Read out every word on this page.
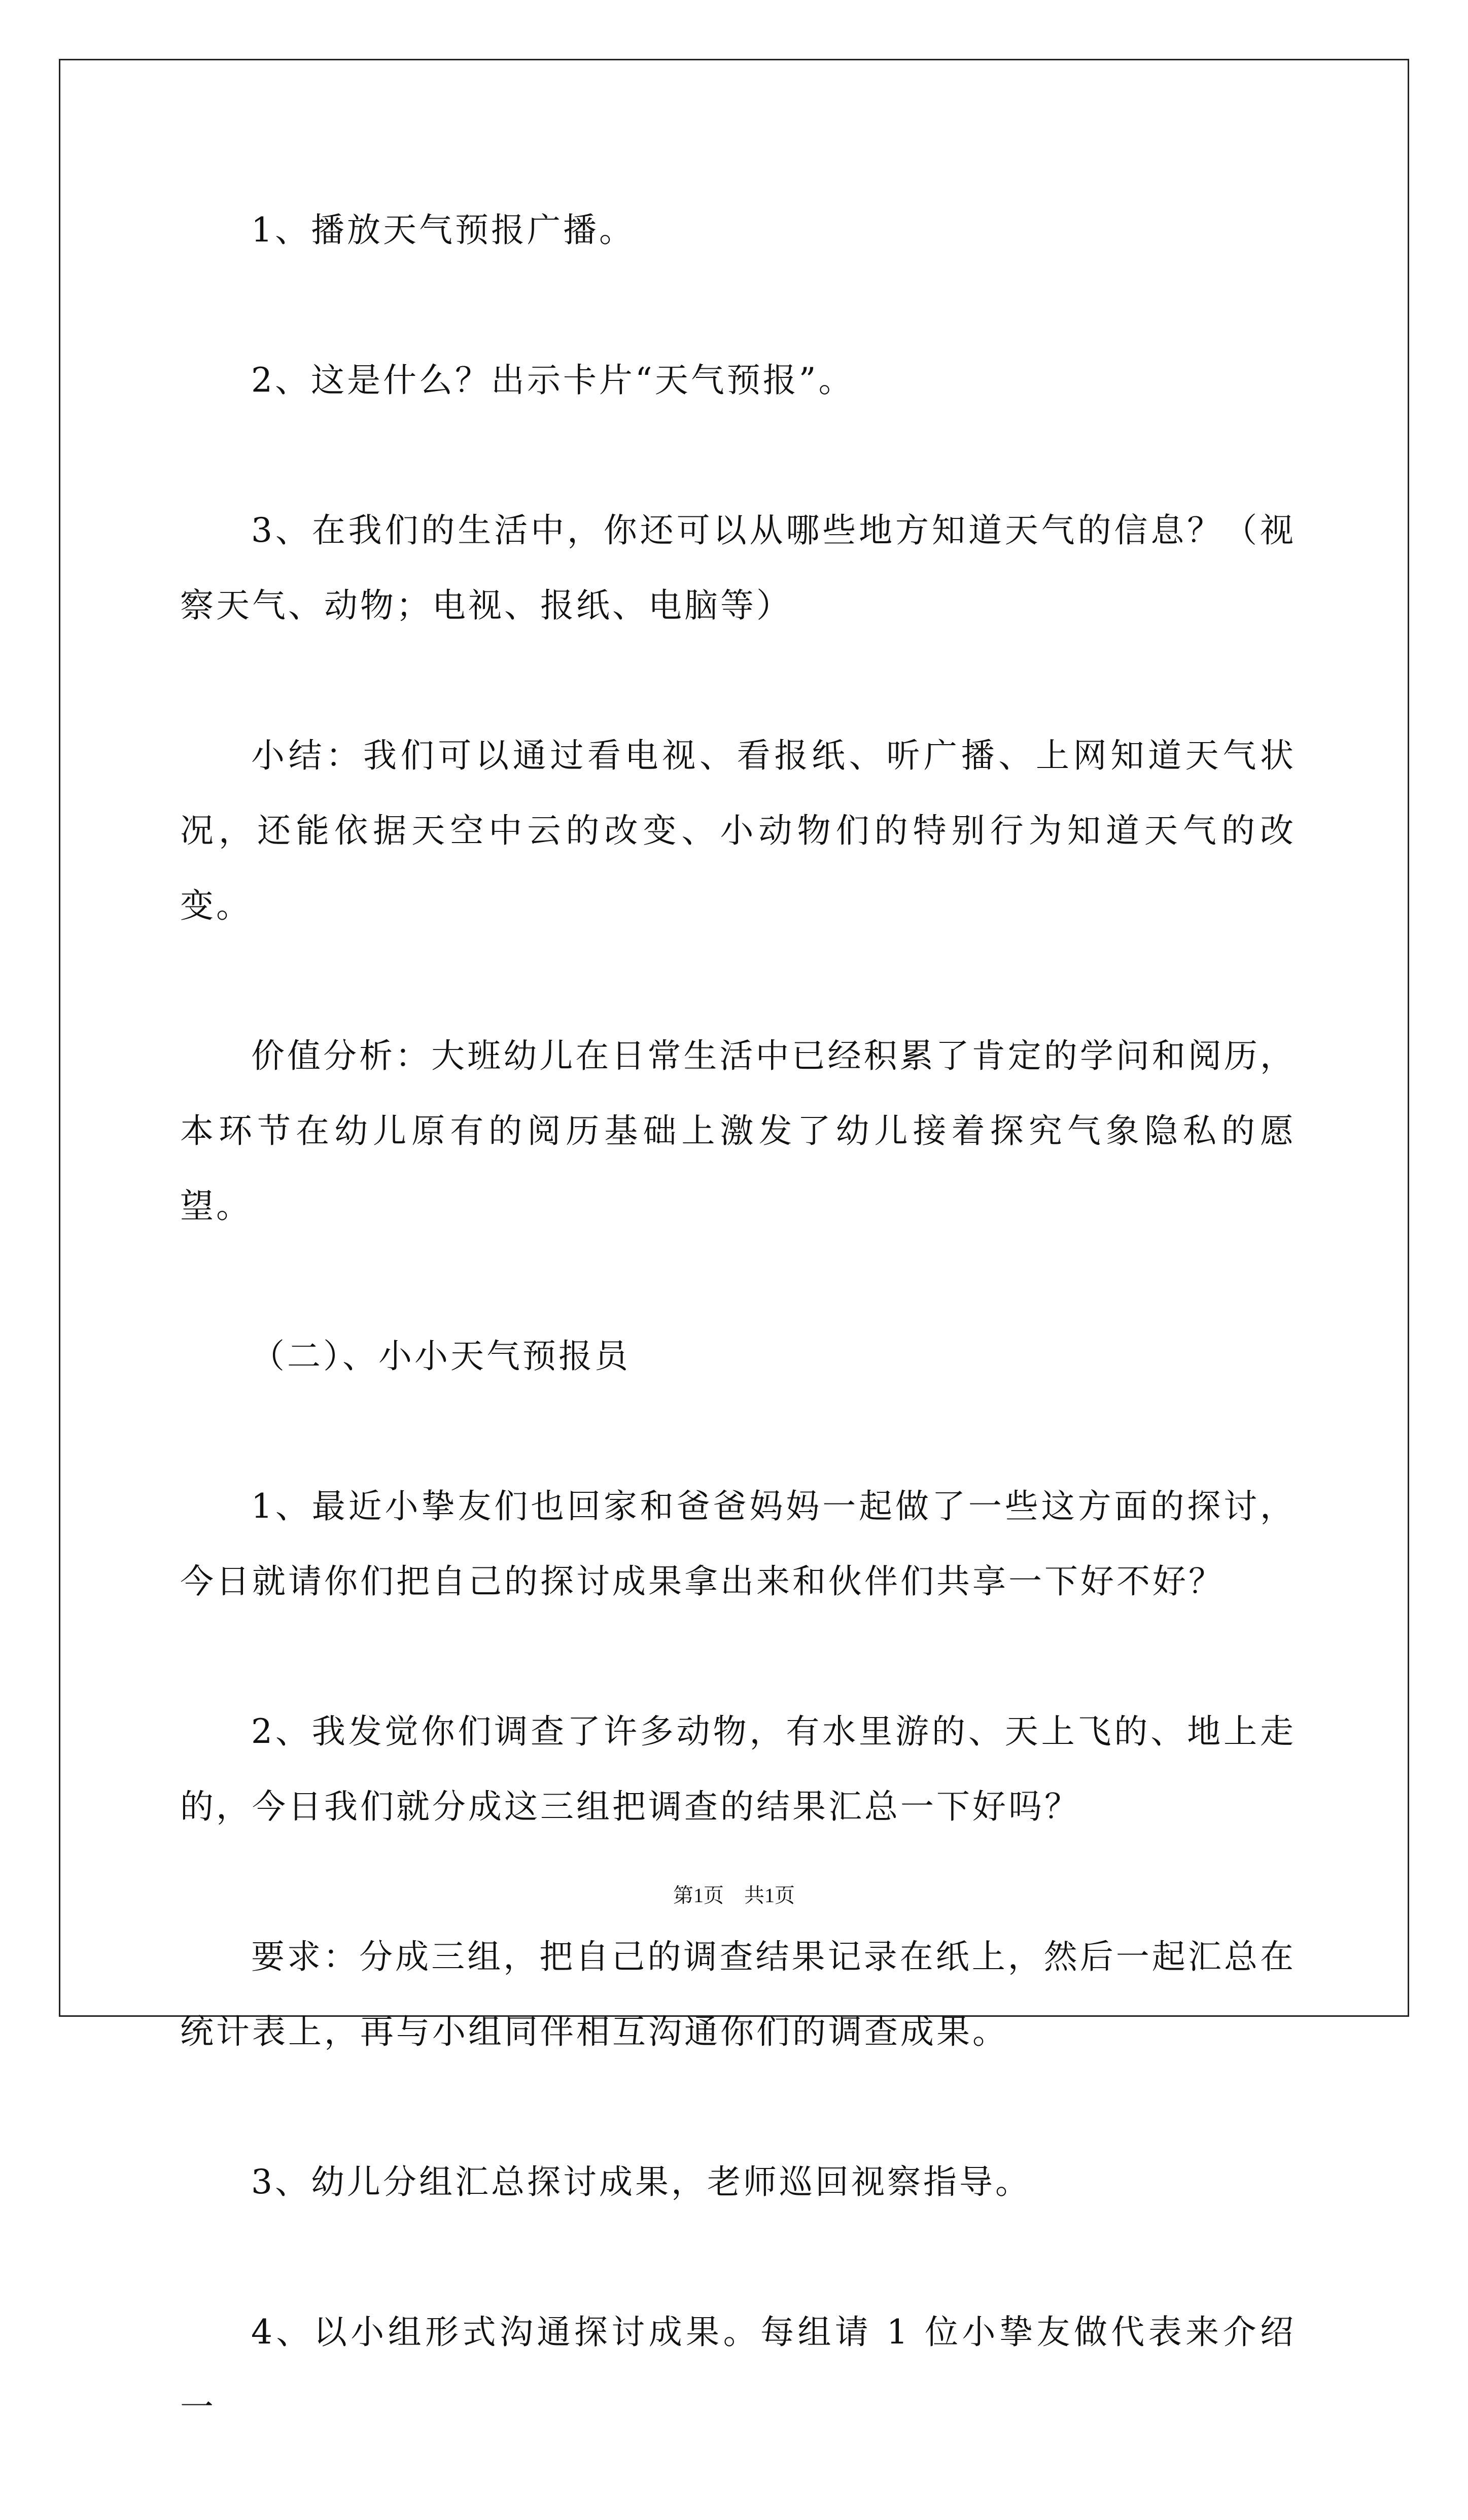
1、播放天气预报广播。

2、这是什么？出示卡片“天气预报”。

3、在我们的生活中，你还可以从哪些地方知道天气的信息？（视察天气、动物；电视、报纸、电脑等）

小结：我们可以通过看电视、看报纸、听广播、上网知道天气状况，还能依据天空中云的改变、小动物们的特别行为知道天气的改变。

价值分析：大班幼儿在日常生活中已经积累了肯定的学问和阅历，本环节在幼儿原有的阅历基础上激发了幼儿接着探究气象隐私的愿望。

（二）、小小天气预报员

1、最近小挚友们也回家和爸爸妈妈一起做了一些这方面的探讨，今日就请你们把自己的探讨成果拿出来和伙伴们共享一下好不好？

2、我发觉你们调查了许多动物，有水里游的、天上飞的、地上走的，今日我们就分成这三组把调查的结果汇总一下好吗？

要求：分成三组，把自己的调查结果记录在纸上，然后一起汇总在统计表上，再与小组同伴相互沟通你们的调查成果。

3、幼儿分组汇总探讨成果，老师巡回视察指导。

4、以小组形式沟通探讨成果。每组请 1 位小挚友做代表来介绍一

第1页　共1页
